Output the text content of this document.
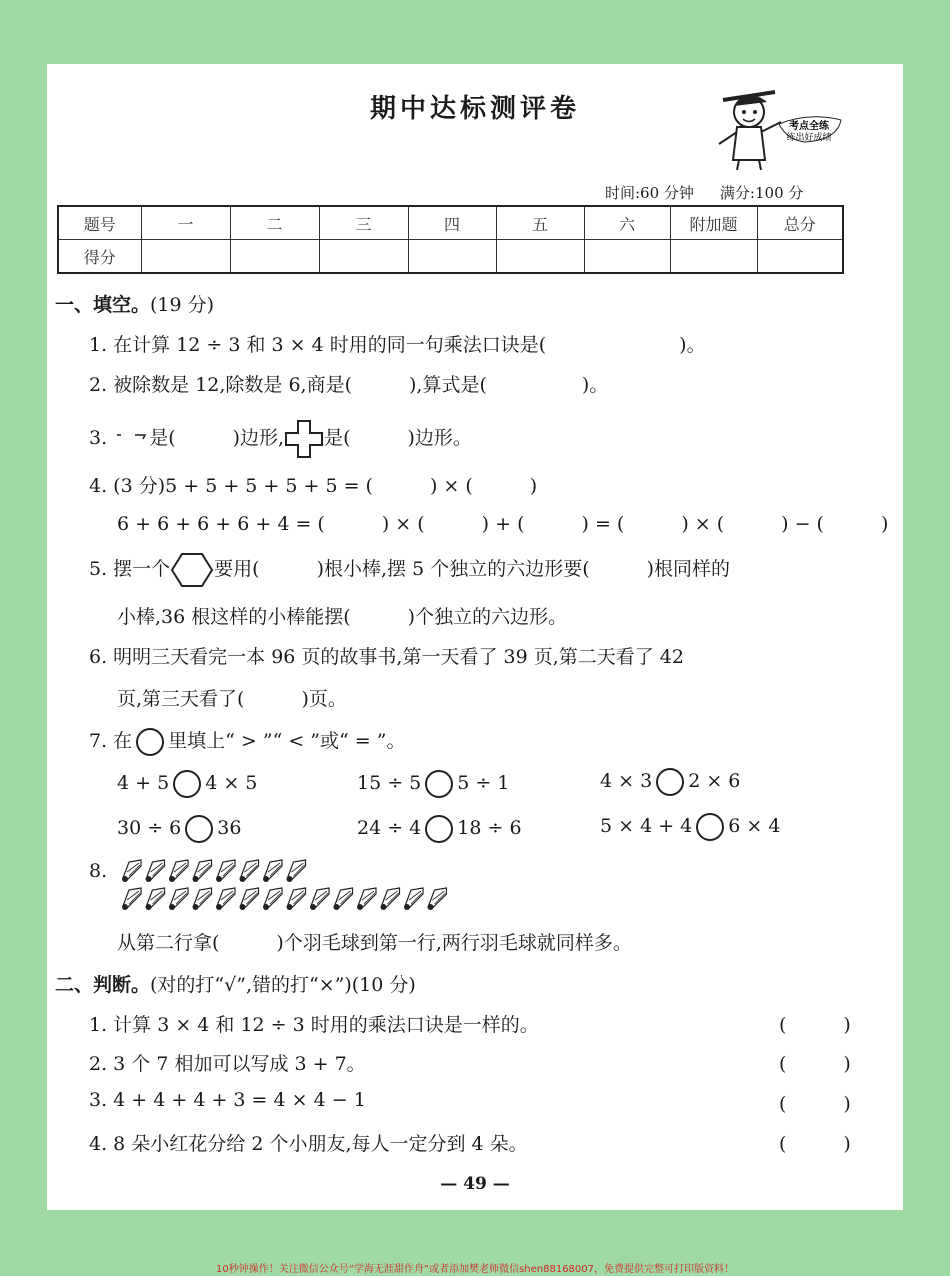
期中达标测评卷
考点全练
练出好成绩
时间:60 分钟 满分:100 分
题号	一	二	三	四	五	六	附加题	总分
得分								
一、填空。(19 分)
1. 在计算 12 ÷ 3 和 3 × 4 时用的同一句乘法口诀是(　　　　　　　)。
2. 被除数是 12,除数是 6,商是(　　　),算式是(　　　　　)。
3. 是(　　　)边形, 是(　　　)边形。
4. (3 分)5 + 5 + 5 + 5 + 5 = (　　　) × (　　　)
6 + 6 + 6 + 6 + 4 = (　　　) × (　　　) + (　　　) = (　　　) × (　　　) − (　　　)
5. 摆一个 要用(　　　)根小棒,摆 5 个独立的六边形要(　　　)根同样的
小棒,36 根这样的小棒能摆(　　　)个独立的六边形。
6. 明明三天看完一本 96 页的故事书,第一天看了 39 页,第二天看了 42
页,第三天看了(　　　)页。
7. 在 里填上“ > ”“ < ”或“ = ”。
4 + 5 4 × 5	15 ÷ 5 5 ÷ 1	4 × 3 2 × 6
30 ÷ 6 36	24 ÷ 4 18 ÷ 6	5 × 4 + 4 6 × 4
8.
从第二行拿(　　　)个羽毛球到第一行,两行羽毛球就同样多。
二、判断。(对的打“√”,错的打“×”)(10 分)
1. 计算 3 × 4 和 12 ÷ 3 时用的乘法口诀是一样的。	(　　　)
2. 3 个 7 相加可以写成 3 + 7。	(　　　)
3. 4 + 4 + 4 + 3 = 4 × 4 − 1	(　　　)
4. 8 朵小红花分给 2 个小朋友,每人一定分到 4 朵。	(　　　)
— 49 —
10秒钟操作！关注微信公众号“学海无涯甜作舟”或者添加樊老师微信shen88168007，免费提供完整可打印版资料！
